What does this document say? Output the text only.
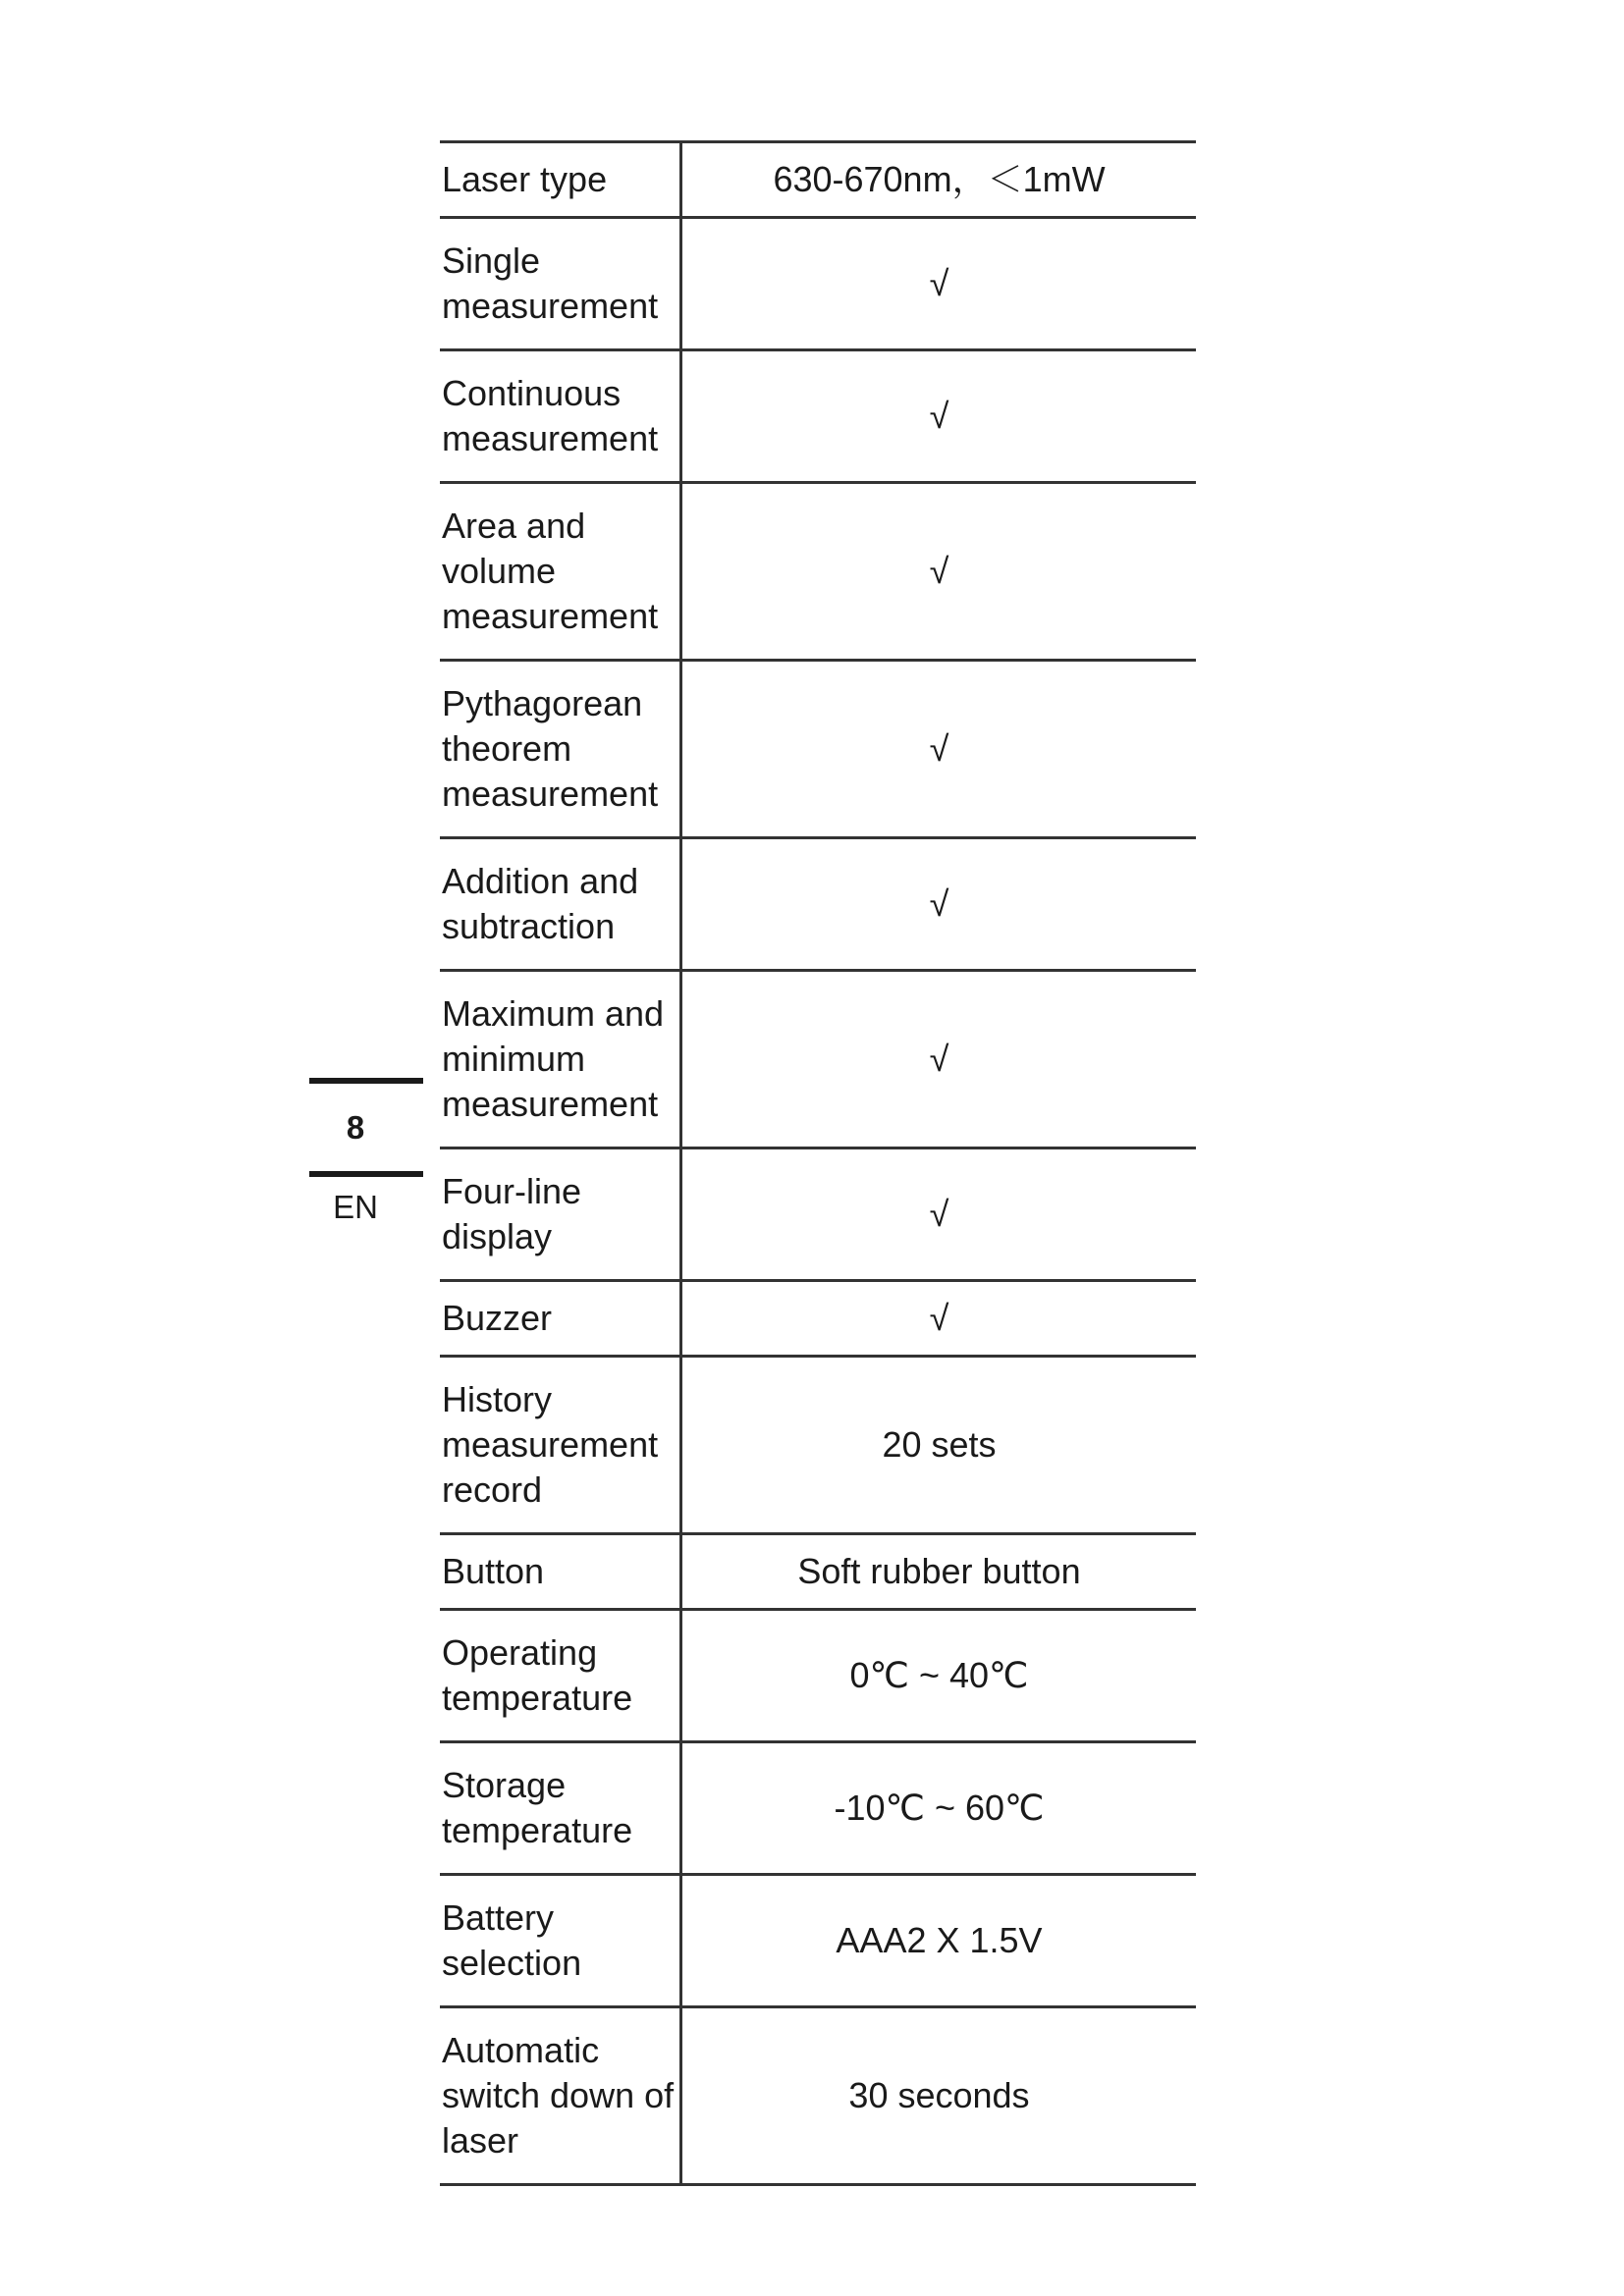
8
EN
Laser type	630-670nm，＜1mW
Single measurement	√
Continuous measurement	√
Area and volume measurement	√
Pythagorean theorem measurement	√
Addition and subtraction	√
Maximum and minimum measurement	√
Four-line display	√
Buzzer	√
History measurement record	20 sets
Button	Soft rubber button
Operating temperature	0℃ ~ 40℃
Storage temperature	-10℃ ~ 60℃
Battery selection	AAA2 X 1.5V
Automatic switch down of laser	30 seconds
